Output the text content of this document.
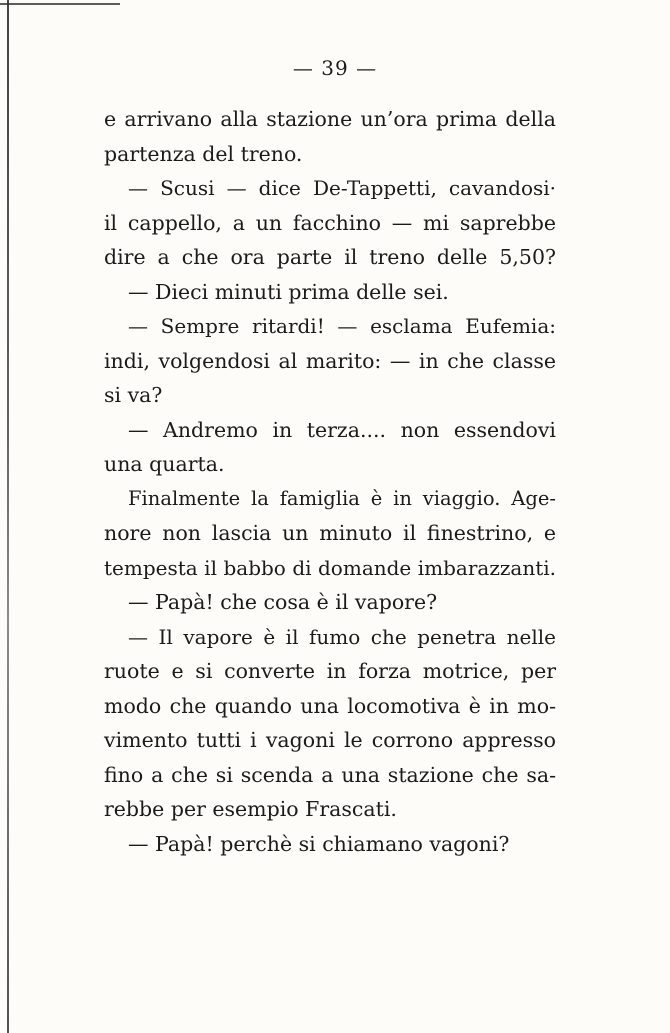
— 39 —
e arrivano alla stazione un’ora prima della
partenza del treno.
— Scusi — dice De-Tappetti, cavandosi·
il cappello, a un facchino — mi saprebbe
dire a che ora parte il treno delle 5,50?
— Dieci minuti prima delle sei.
— Sempre ritardi! — esclama Eufemia:
indi, volgendosi al marito: — in che classe
si va?
— Andremo in terza.... non essendovi
una quarta.
Finalmente la famiglia è in viaggio. Age-
nore non lascia un minuto il finestrino, e
tempesta il babbo di domande imbarazzanti.
— Papà! che cosa è il vapore?
— Il vapore è il fumo che penetra nelle
ruote e si converte in forza motrice, per
modo che quando una locomotiva è in mo-
vimento tutti i vagoni le corrono appresso
fino a che si scenda a una stazione che sa-
rebbe per esempio Frascati.
— Papà! perchè si chiamano vagoni?
